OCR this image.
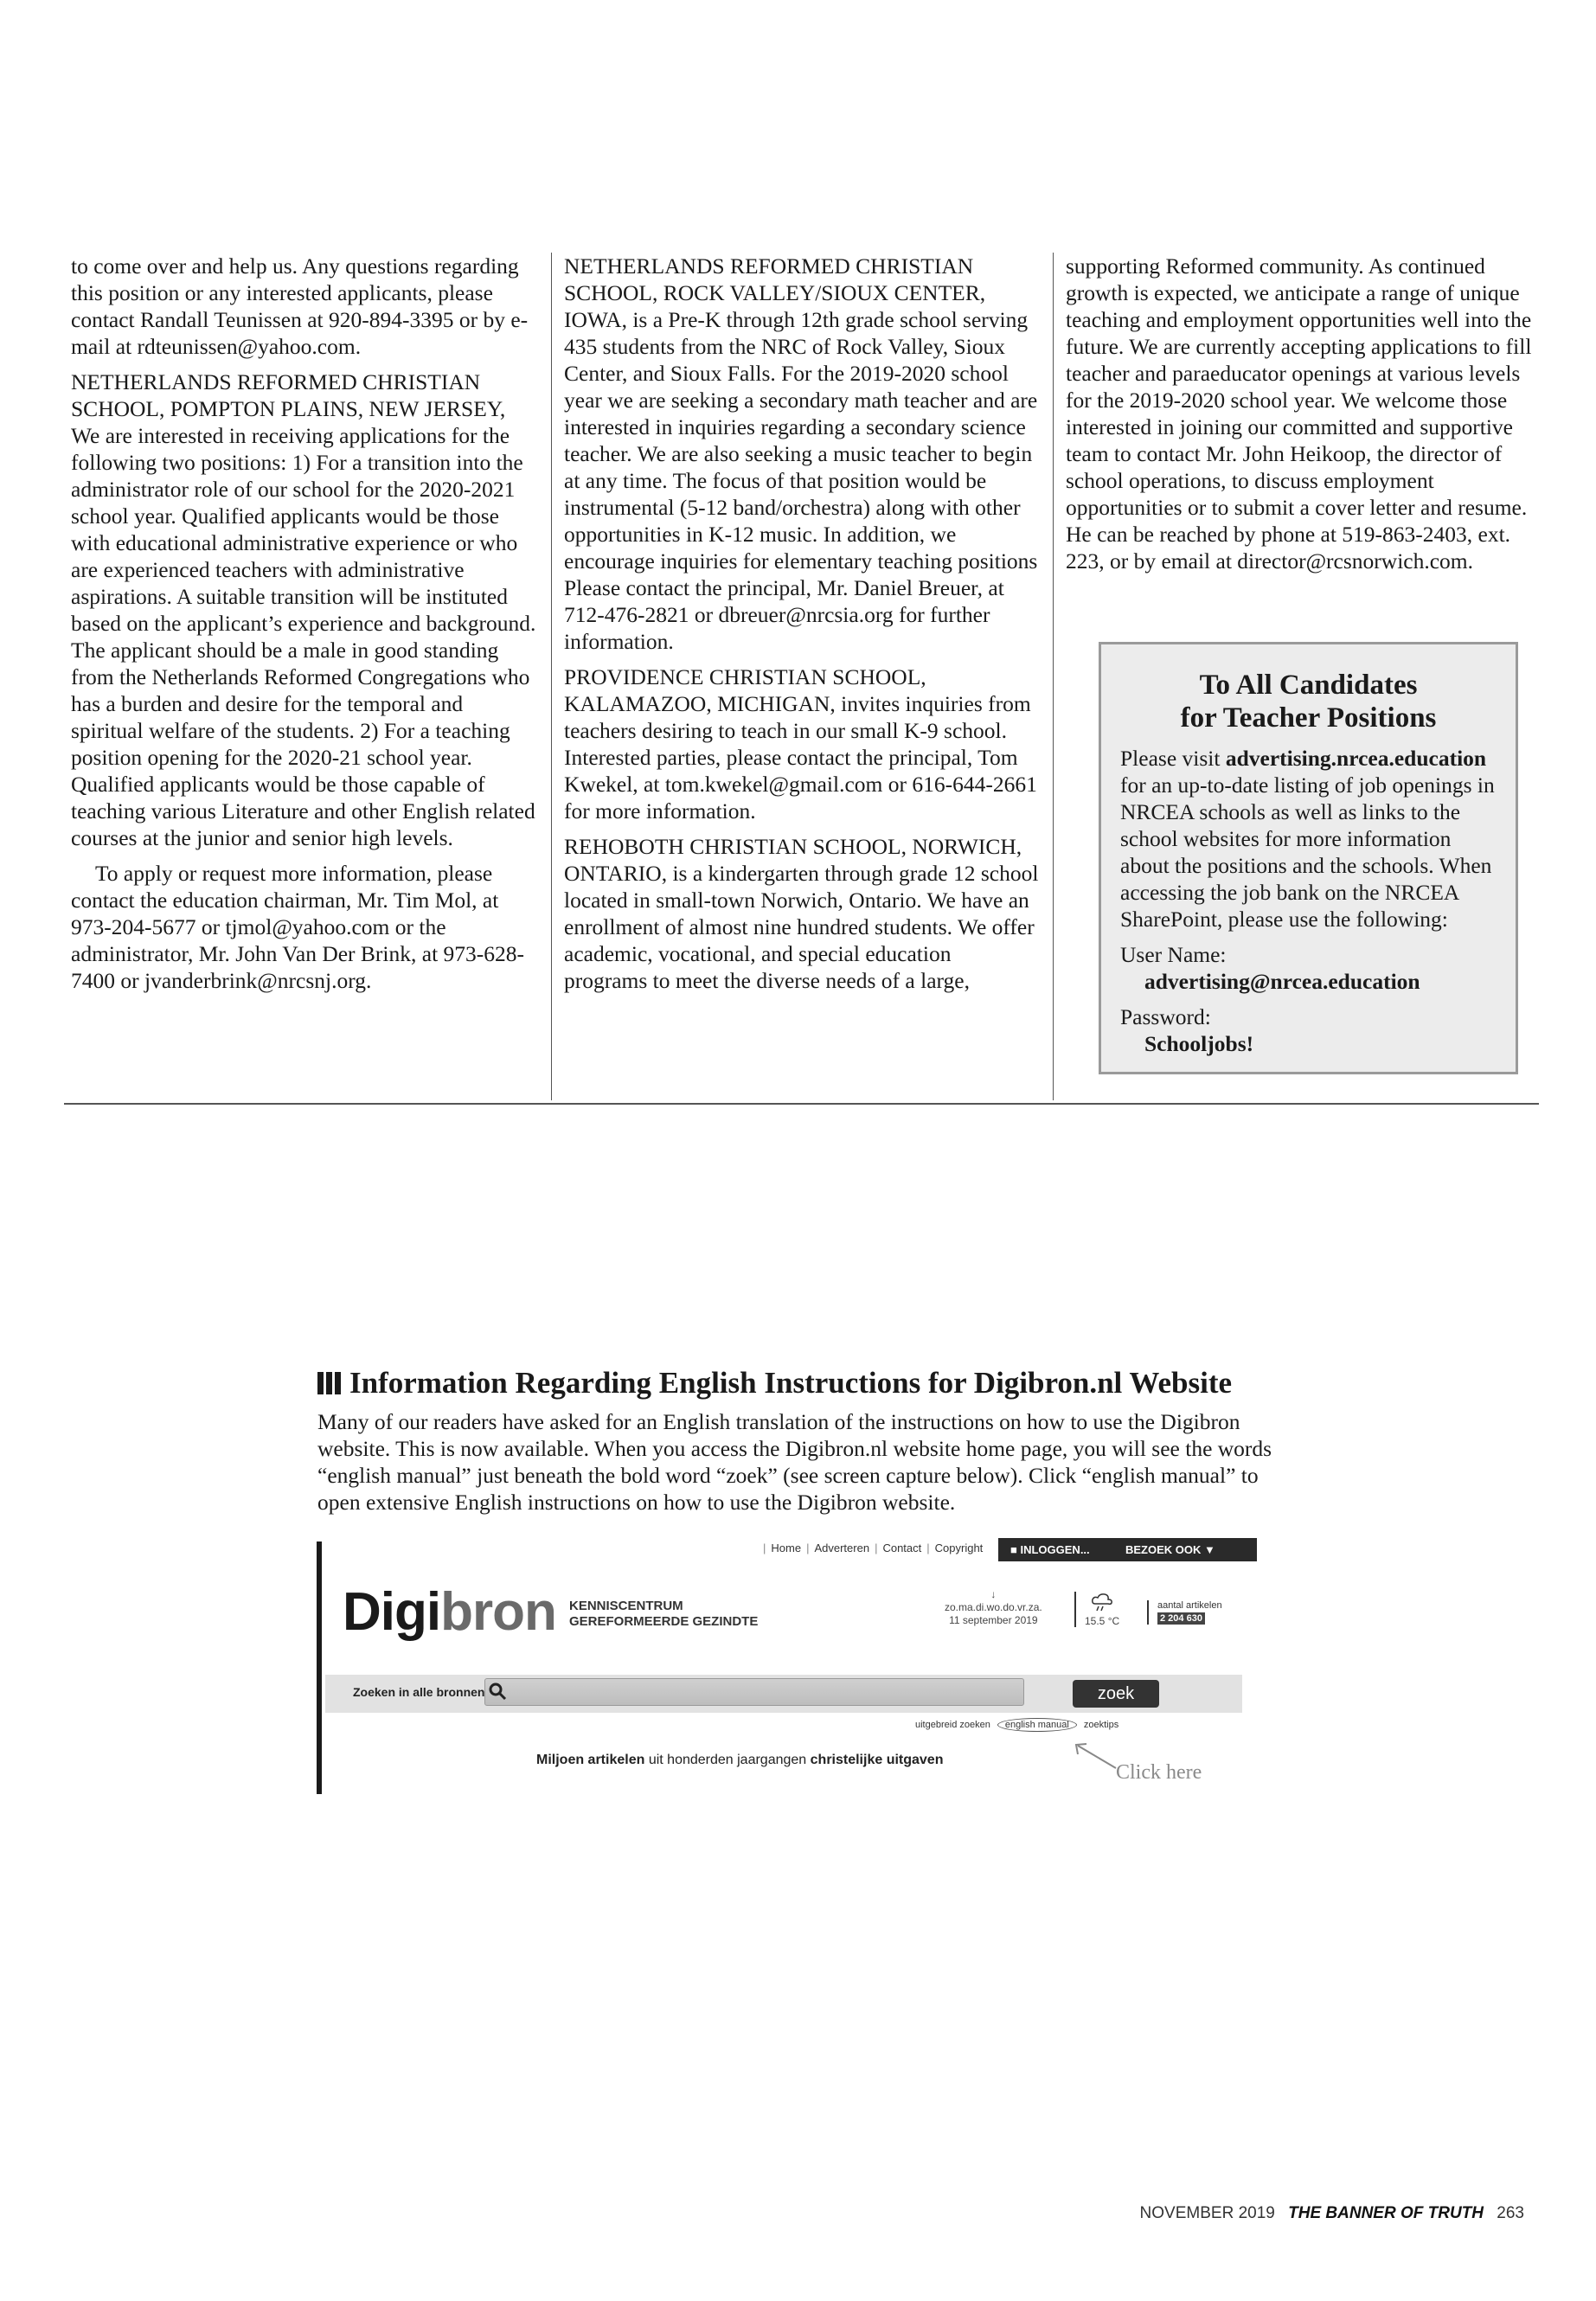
to come over and help us. Any questions regarding this position or any interested applicants, please contact Randall Teunissen at 920-894-3395 or by e-mail at rdteunissen@yahoo.com.

NETHERLANDS REFORMED CHRISTIAN SCHOOL, POMPTON PLAINS, NEW JERSEY, We are interested in receiving applications for the following two positions: 1) For a transition into the administrator role of our school for the 2020-2021 school year. Qualified applicants would be those with educational administrative experience or who are experienced teachers with administrative aspirations. A suitable transition will be instituted based on the applicant’s experience and background. The applicant should be a male in good standing from the Netherlands Reformed Congregations who has a burden and desire for the temporal and spiritual welfare of the students. 2) For a teaching position opening for the 2020-21 school year. Qualified applicants would be those capable of teaching various Literature and other English related courses at the junior and senior high levels.

To apply or request more information, please contact the education chairman, Mr. Tim Mol, at 973-204-5677 or tjmol@yahoo.com or the administrator, Mr. John Van Der Brink, at 973-628-7400 or jvanderbrink@nrcsnj.org.

NETHERLANDS REFORMED CHRISTIAN SCHOOL, ROCK VALLEY/SIOUX CENTER, IOWA, is a Pre-K through 12th grade school serving 435 students from the NRC of Rock Valley, Sioux Center, and Sioux Falls. For the 2019-2020 school year we are seeking a secondary math teacher and are interested in inquiries regarding a secondary science teacher. We are also seeking a music teacher to begin at any time. The focus of that position would be instrumental (5-12 band/orchestra) along with other opportunities in K-12 music. In addition, we encourage inquiries for elementary teaching positions Please contact the principal, Mr. Daniel Breuer, at 712-476-2821 or dbreuer@nrcsia.org for further information.

PROVIDENCE CHRISTIAN SCHOOL, KALAMAZOO, MICHIGAN, invites inquiries from teachers desiring to teach in our small K-9 school. Interested parties, please contact the principal, Tom Kwekel, at tom.kwekel@gmail.com or 616-644-2661 for more information.

REHOBOTH CHRISTIAN SCHOOL, NORWICH, ONTARIO, is a kindergarten through grade 12 school located in small-town Norwich, Ontario. We have an enrollment of almost nine hundred students. We offer academic, vocational, and special education programs to meet the diverse needs of a large,

supporting Reformed community. As continued growth is expected, we anticipate a range of unique teaching and employment opportunities well into the future. We are currently accepting applications to fill teacher and paraeducator openings at various levels for the 2019-2020 school year. We welcome those interested in joining our committed and supportive team to contact Mr. John Heikoop, the director of school operations, to discuss employment opportunities or to submit a cover letter and resume. He can be reached by phone at 519-863-2403, ext. 223, or by email at director@rcsnorwich.com.

To All Candidates
for Teacher Positions

Please visit advertising.nrcea.education for an up-to-date listing of job openings in NRCEA schools as well as links to the school websites for more information about the positions and the schools. When accessing the job bank on the NRCEA SharePoint, please use the following:

User Name:
advertising@nrcea.education

Password:
Schooljobs!

Information Regarding English Instructions for Digibron.nl Website

Many of our readers have asked for an English translation of the instructions on how to use the Digibron website. This is now available. When you access the Digibron.nl website home page, you will see the words “english manual” just beneath the bold word “zoek” (see screen capture below). Click “english manual” to open extensive English instructions on how to use the Digibron website.

| Home | Adverteren | Contact | Copyright	■ INLOGGEN...	BEZOEK OOK ▼
Digibron KENNISCENTRUM
GEREFORMEERDE GEZINDTE
↓
zo.ma.di.wo.do.vr.za.
11 september 2019	15.5 °C
aantal artikelen
2 204 630
Zoeken in alle bronnen	zoek
uitgebreid zoeken	english manual	zoektips
Miljoen artikelen uit honderden jaargangen christelijke uitgaven
Click here
NOVEMBER 2019 THE BANNER OF TRUTH 263
